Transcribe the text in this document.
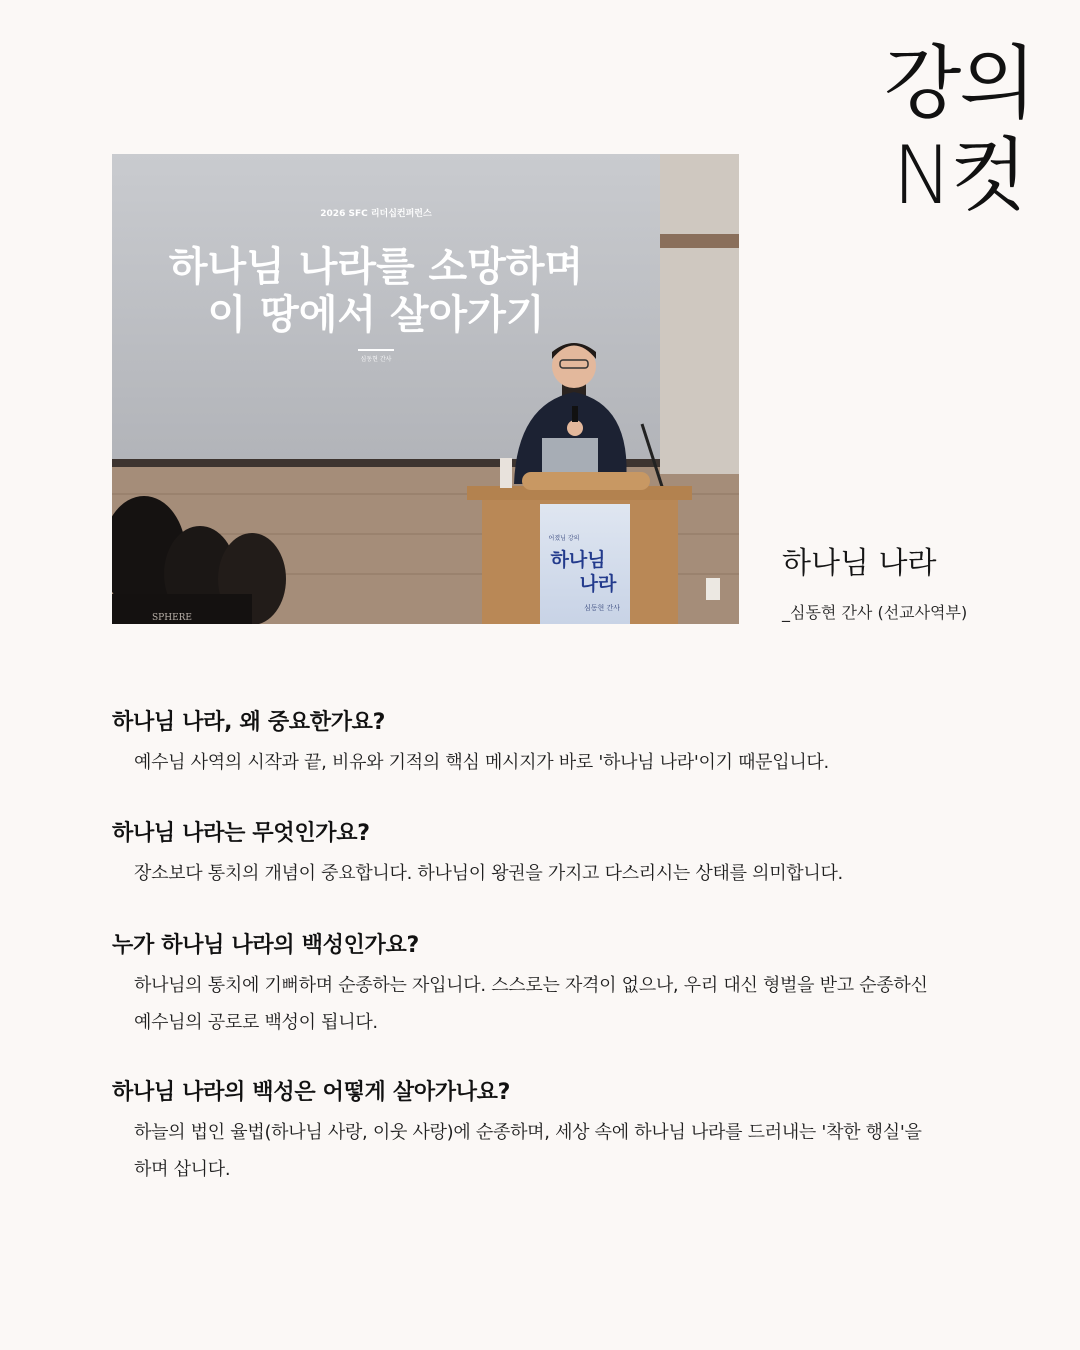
강의
N컷
2026 SFC 리더십컨퍼런스
하나님 나라를 소망하며
이 땅에서 살아가기
심동현 간사
어졌님 강의
하나님
나라
심동현 간사
SPHERE
하나님 나라
_심동현 간사 (선교사역부)
하나님 나라, 왜 중요한가요?

예수님 사역의 시작과 끝, 비유와 기적의 핵심 메시지가 바로 '하나님 나라'이기 때문입니다.

하나님 나라는 무엇인가요?

장소보다 통치의 개념이 중요합니다. 하나님이 왕권을 가지고 다스리시는 상태를 의미합니다.

누가 하나님 나라의 백성인가요?

하나님의 통치에 기뻐하며 순종하는 자입니다. 스스로는 자격이 없으나, 우리 대신 형벌을 받고 순종하신 예수님의 공로로 백성이 됩니다.

하나님 나라의 백성은 어떻게 살아가나요?

하늘의 법인 율법(하나님 사랑, 이웃 사랑)에 순종하며, 세상 속에 하나님 나라를 드러내는 '착한 행실'을 하며 삽니다.
